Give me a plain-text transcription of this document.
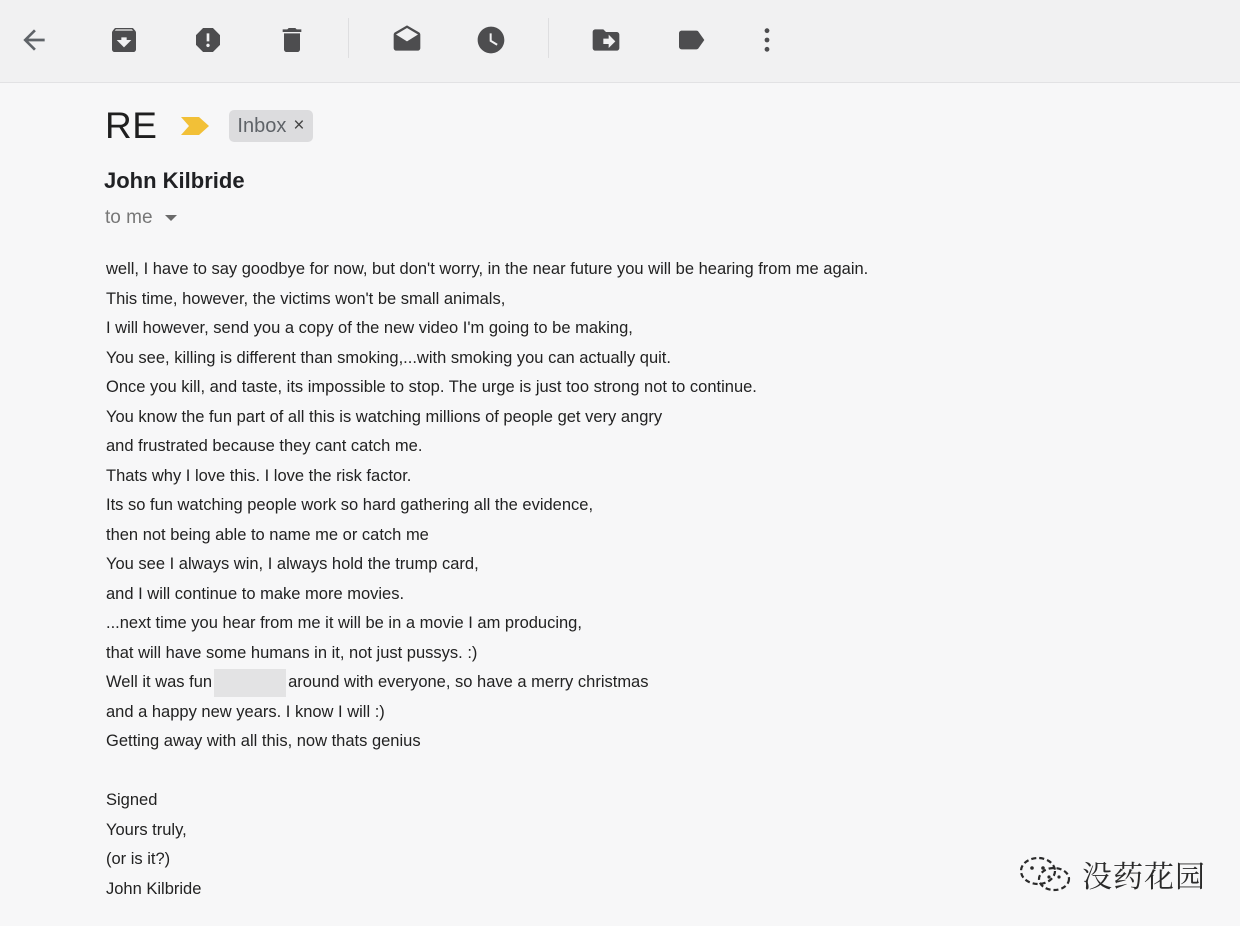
RE	Inbox ×
John Kilbride
to me
well, I have to say goodbye for now, but don't worry, in the near future you will be hearing from me again.
This time, however, the victims won't be small animals,
I will however, send you a copy of the new video I'm going to be making,
You see, killing is different than smoking,...with smoking you can actually quit.
Once you kill, and taste, its impossible to stop. The urge is just too strong not to continue.
You know the fun part of all this is watching millions of people get very angry
and frustrated because they cant catch me.
Thats why I love this. I love the risk factor.
Its so fun watching people work so hard gathering all the evidence,
then not being able to name me or catch me
You see I always win, I always hold the trump card,
and I will continue to make more movies.
...next time you hear from me it will be in a movie I am producing,
that will have some humans in it, not just pussys. :)
Well it was fun	around with everyone, so have a merry christmas
and a happy new years. I know I will :)
Getting away with all this, now thats genius
Signed
Yours truly,
(or is it?)
John Kilbride	没药花园
